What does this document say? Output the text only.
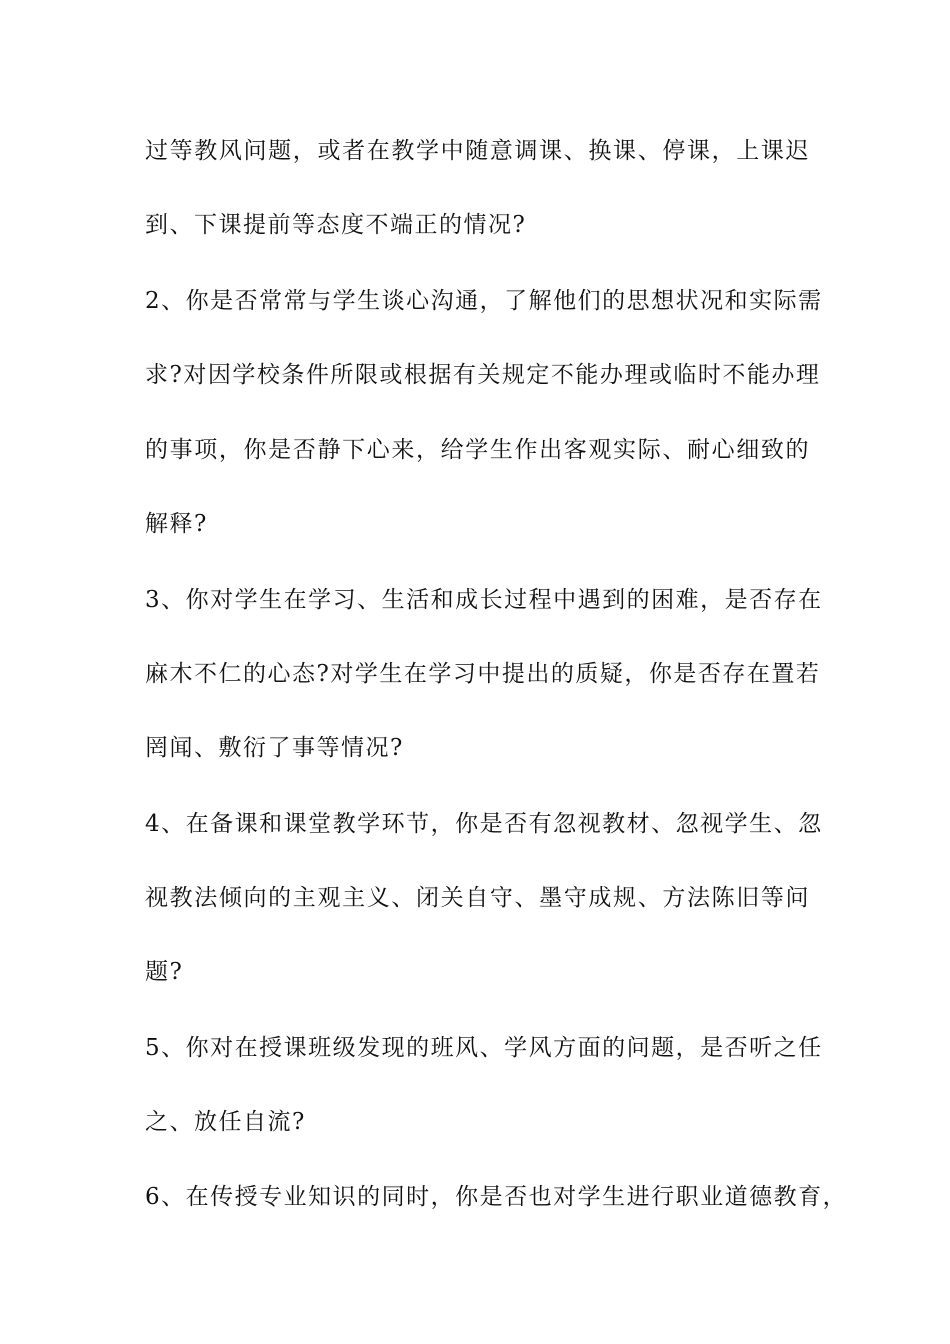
过等教风问题，或者在教学中随意调课、换课、停课，上课迟
到、下课提前等态度不端正的情况?
2、你是否常常与学生谈心沟通，了解他们的思想状况和实际需
求?对因学校条件所限或根据有关规定不能办理或临时不能办理
的事项，你是否静下心来，给学生作出客观实际、耐心细致的
解释?
3、你对学生在学习、生活和成长过程中遇到的困难，是否存在
麻木不仁的心态?对学生在学习中提出的质疑，你是否存在置若
罔闻、敷衍了事等情况?
4、在备课和课堂教学环节，你是否有忽视教材、忽视学生、忽
视教法倾向的主观主义、闭关自守、墨守成规、方法陈旧等问
题?
5、你对在授课班级发现的班风、学风方面的问题，是否听之任
之、放任自流?
6、在传授专业知识的同时，你是否也对学生进行职业道德教育，
